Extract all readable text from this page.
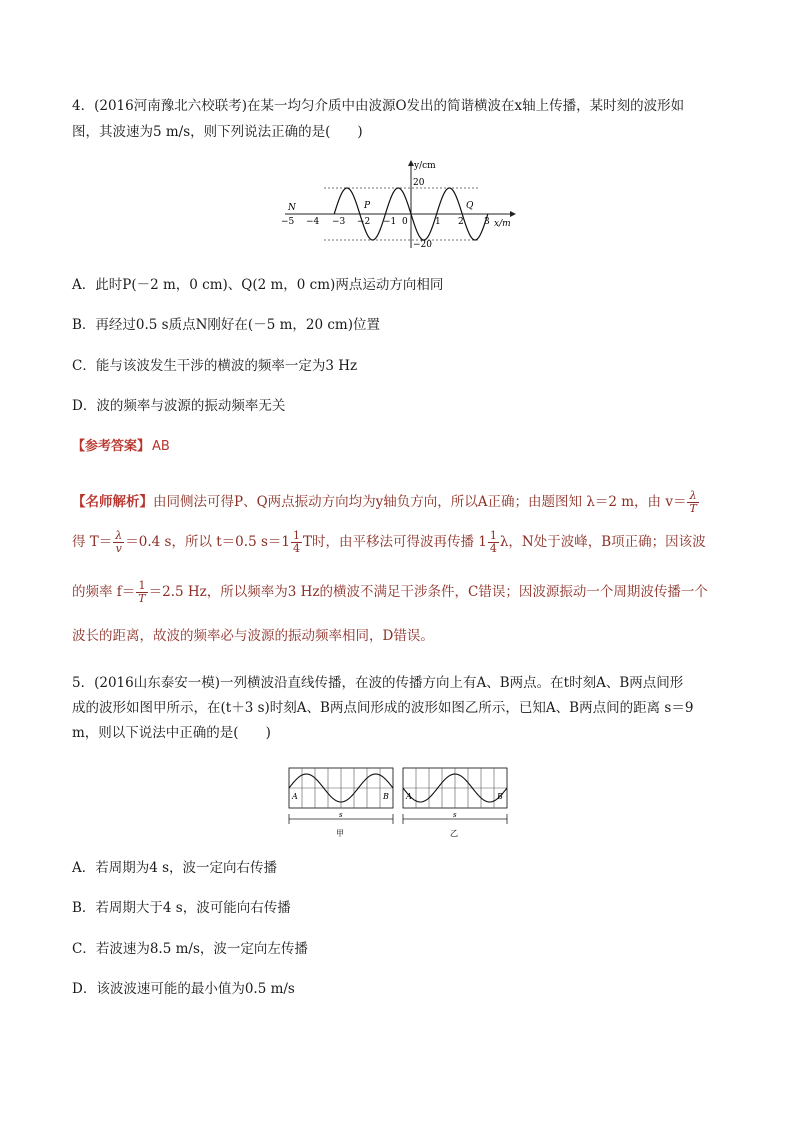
4．(2016河南豫北六校联考)在某一均匀介质中由波源O发出的简谐横波在x轴上传播，某时刻的波形如
图，其波速为5 m/s，则下列说法正确的是(　　)
y/cm
x/m
20
−20
−5 −4 −3 −2 −1 0	1 2 3
N	P	Q
A．此时P(－2 m，0 cm)、Q(2 m，0 cm)两点运动方向相同
B．再经过0.5 s质点N刚好在(－5 m，20 cm)位置
C．能与该波发生干涉的横波的频率一定为3 Hz
D．波的频率与波源的振动频率无关
【参考答案】 AB
【名师解析】由同侧法可得P、Q两点振动方向均为y轴负方向，所以A正确；由题图知 λ＝2 m，由 $v= \frac{\lambda}{T}$
得 $T= \frac{\lambda}{v} =0.4$ s，所以 t＝0.5 $s=1 \frac{1}{4}$ T时，由平移法可得波再传播 $1 \frac{1}{4}$ λ，N处于波峰，B项正确；因该波
的频率 $f= \frac{1}{T} =2.5$ Hz，所以频率为3 Hz的横波不满足干涉条件，C错误；因波源振动一个周期波传播一个
波长的距离，故波的频率必与波源的振动频率相同，D错误。
5．(2016山东泰安一模)一列横波沿直线传播，在波的传播方向上有A、B两点。在t时刻A、B两点间形
成的波形如图甲所示，在(t＋3 s)时刻A、B两点间形成的波形如图乙所示，已知A、B两点间的距离 s＝9
m，则以下说法中正确的是(　　)
A	B A	B
s	s
甲	乙
A．若周期为4 s，波一定向右传播
B．若周期大于4 s，波可能向右传播
C．若波速为8.5 m/s，波一定向左传播
D．该波波速可能的最小值为0.5 m/s
